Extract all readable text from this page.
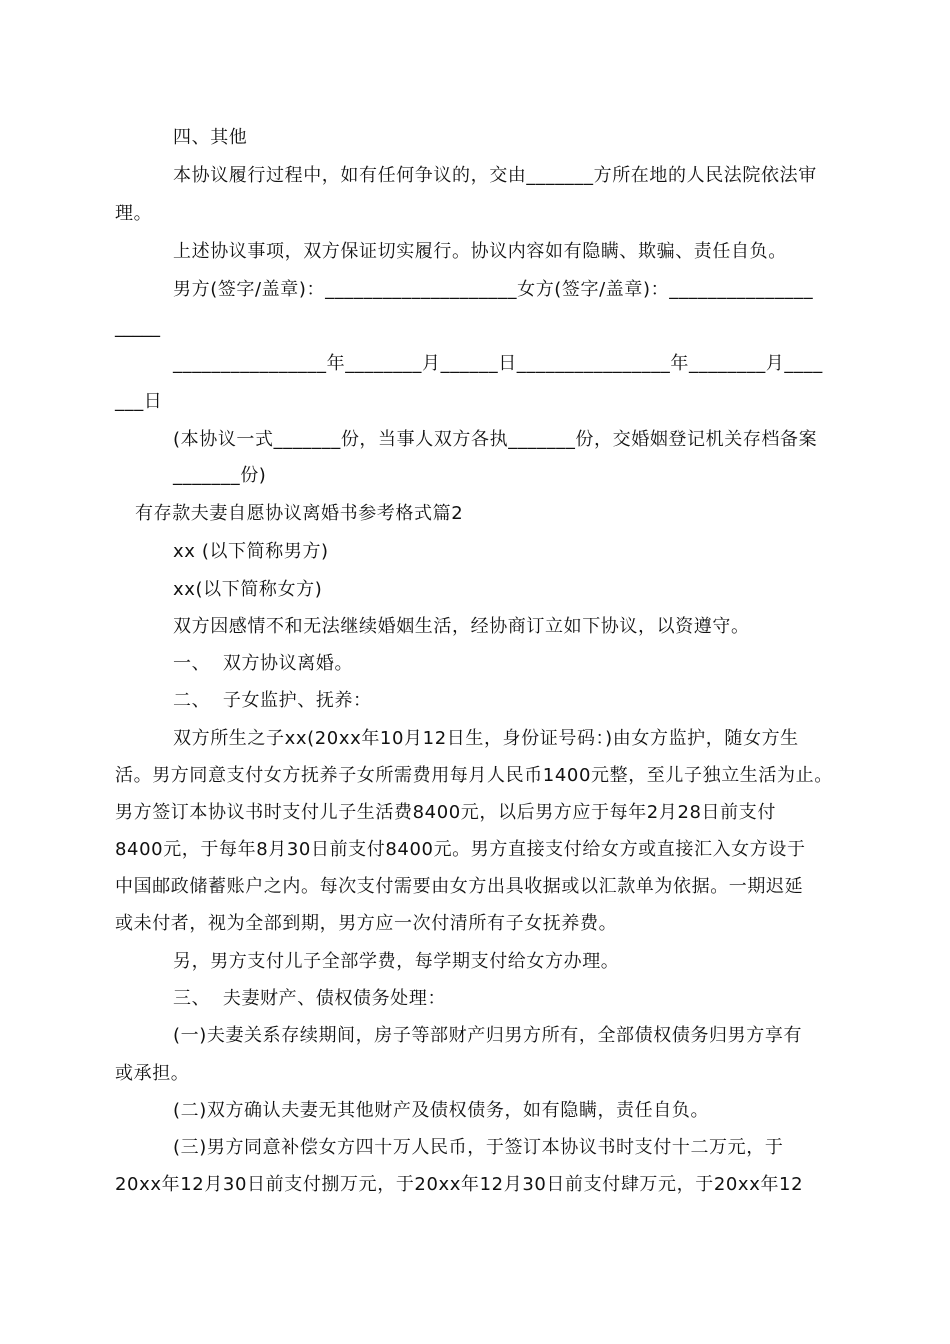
四、其他
本协议履行过程中，如有任何争议的，交由_______方所在地的人民法院依法审
理。
上述协议事项，双方保证切实履行。协议内容如有隐瞒、欺骗、责任自负。
男方(签字/盖章)：____________________女方(签字/盖章)：_______________
_____
________________年________月______日________________年________月____
___日
(本协议一式_______份，当事人双方各执_______份，交婚姻登记机关存档备案
_______份)
有存款夫妻自愿协议离婚书参考格式篇2
xx (以下简称男方)
xx(以下简称女方)
双方因感情不和无法继续婚姻生活，经协商订立如下协议，以资遵守。
一、  双方协议离婚。
二、  子女监护、抚养：
双方所生之子xx(20xx年10月12日生，身份证号码：)由女方监护，随女方生
活。男方同意支付女方抚养子女所需费用每月人民币1400元整，至儿子独立生活为止。
男方签订本协议书时支付儿子生活费8400元，以后男方应于每年2月28日前支付
8400元，于每年8月30日前支付8400元。男方直接支付给女方或直接汇入女方设于
中国邮政储蓄账户之内。每次支付需要由女方出具收据或以汇款单为依据。一期迟延
或未付者，视为全部到期，男方应一次付清所有子女抚养费。
另，男方支付儿子全部学费，每学期支付给女方办理。
三、  夫妻财产、债权债务处理：
(一)夫妻关系存续期间，房子等部财产归男方所有，全部债权债务归男方享有
或承担。
(二)双方确认夫妻无其他财产及债权债务，如有隐瞒，责任自负。
(三)男方同意补偿女方四十万人民币，于签订本协议书时支付十二万元，于
20xx年12月30日前支付捌万元，于20xx年12月30日前支付肆万元，于20xx年12
